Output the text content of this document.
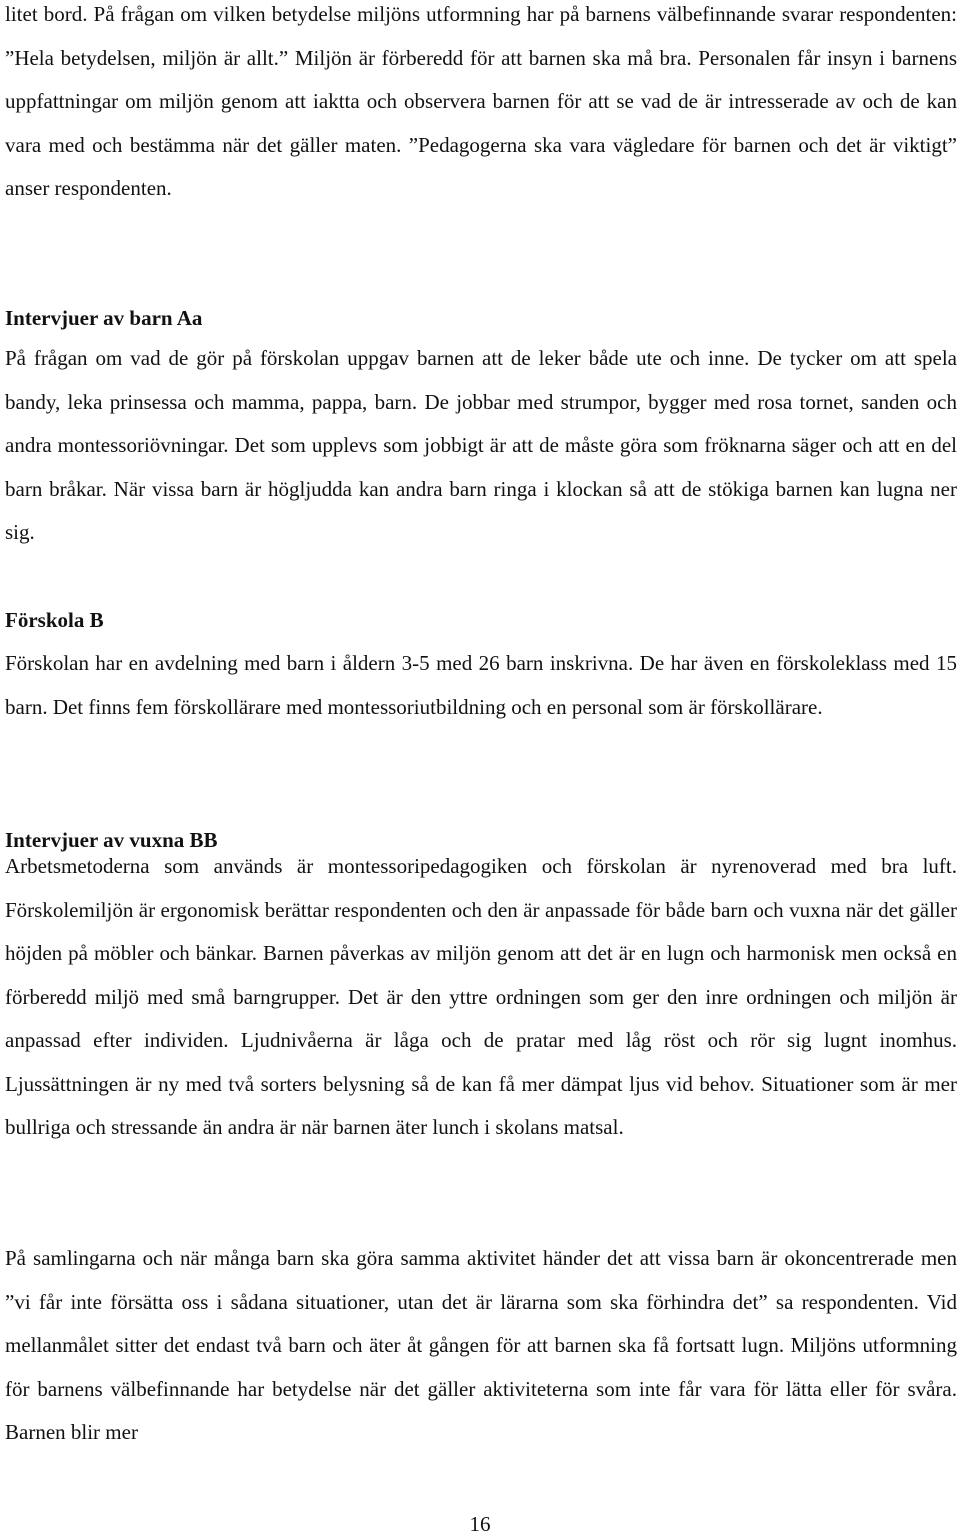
litet bord. På frågan om vilken betydelse miljöns utformning har på barnens välbefinnande svarar respondenten: ”Hela betydelsen, miljön är allt.” Miljön är förberedd för att barnen ska må bra. Personalen får insyn i barnens uppfattningar om miljön genom att iaktta och observera barnen för att se vad de är intresserade av och de kan vara med och bestämma när det gäller maten. ”Pedagogerna ska vara vägledare för barnen och det är viktigt” anser respondenten.

Intervjuer av barn Aa

På frågan om vad de gör på förskolan uppgav barnen att de leker både ute och inne. De tycker om att spela bandy, leka prinsessa och mamma, pappa, barn. De jobbar med strumpor, bygger med rosa tornet, sanden och andra montessoriövningar. Det som upplevs som jobbigt är att de måste göra som fröknarna säger och att en del barn bråkar. När vissa barn är högljudda kan andra barn ringa i klockan så att de stökiga barnen kan lugna ner sig.

Förskola B

Förskolan har en avdelning med barn i åldern 3-5 med 26 barn inskrivna. De har även en förskoleklass med 15 barn. Det finns fem förskollärare med montessoriutbildning och en personal som är förskollärare.

Intervjuer av vuxna BB

Arbetsmetoderna som används är montessoripedagogiken och förskolan är nyrenoverad med bra luft. Förskolemiljön är ergonomisk berättar respondenten och den är anpassade för både barn och vuxna när det gäller höjden på möbler och bänkar. Barnen påverkas av miljön genom att det är en lugn och harmonisk men också en förberedd miljö med små barngrupper. Det är den yttre ordningen som ger den inre ordningen och miljön är anpassad efter individen. Ljudnivåerna är låga och de pratar med låg röst och rör sig lugnt inomhus. Ljussättningen är ny med två sorters belysning så de kan få mer dämpat ljus vid behov. Situationer som är mer bullriga och stressande än andra är när barnen äter lunch i skolans matsal.

På samlingarna och när många barn ska göra samma aktivitet händer det att vissa barn är okoncentrerade men ”vi får inte försätta oss i sådana situationer, utan det är lärarna som ska förhindra det” sa respondenten. Vid mellanmålet sitter det endast två barn och äter åt gången för att barnen ska få fortsatt lugn. Miljöns utformning för barnens välbefinnande har betydelse när det gäller aktiviteterna som inte får vara för lätta eller för svåra. Barnen blir mer

16
